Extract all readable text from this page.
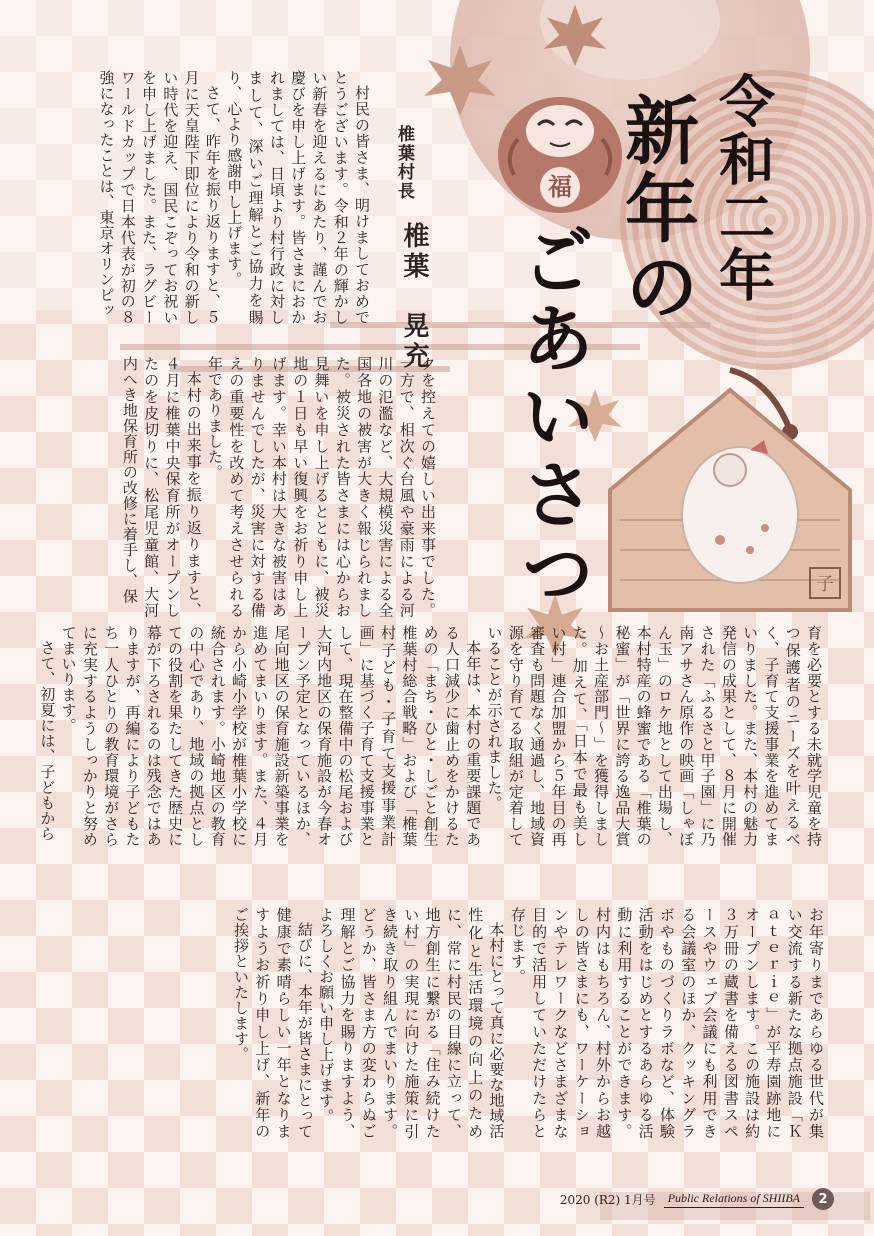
福
子
令和二年
新年の
ごあいさつ
椎葉村長
椎葉　晃充

村民の皆さま、明けましておめでとうございます。令和２年の輝かしい新春を迎えるにあたり、謹んでお慶びを申し上げます。皆さまにおかれましては、日頃より村行政に対しまして、深いご理解とご協力を賜り、心より感謝申し上げます。

さて、昨年を振り返りますと、５月に天皇陛下即位により令和の新しい時代を迎え、国民こぞってお祝いを申し上げました。また、ラグビーワールドカップで日本代表が初の８強になったことは、東京オリンピッ

クを控えての嬉しい出来事でした。一方で、相次ぐ台風や豪雨による河川の氾濫など、大規模災害による全国各地の被害が大きく報じられました。被災された皆さまには心からお見舞いを申し上げるとともに、被災地の１日も早い復興をお祈り申し上げます。幸い本村は大きな被害はありませんでしたが、災害に対する備えの重要性を改めて考えさせられる年でありました。

本村の出来事を振り返りますと、４月に椎葉中央保育所がオープンしたのを皮切りに、松尾児童館、大河内へき地保育所の改修に着手し、保

育を必要とする未就学児童を持つ保護者のニーズを叶えるべく、子育て支援事業を進めてまいりました。また、本村の魅力発信の成果として、８月に開催された「ふるさと甲子園」に乃南アサさん原作の映画「しゃぼん玉」のロケ地として出場し、本村特産の蜂蜜である「椎葉の秘蜜」が「世界に誇る逸品大賞～お土産部門～」を獲得しました。加えて、「日本で最も美しい村」連合加盟から５年目の再審査も問題なく通過し、地域資源を守り育てる取組が定着していることが示されました。

本年は、本村の重要課題である人口減少に歯止めをかけるための「まち・ひと・しごと創生椎葉村総合戦略」および「椎葉村子ども・子育て支援事業計画」に基づく子育て支援事業として、現在整備中の松尾および大河内地区の保育施設が今春オープン予定となっているほか、尾向地区の保育施設新築事業を進めてまいります。また、４月から小崎小学校が椎葉小学校に統合されます。小崎地区の教育の中心であり、地域の拠点としての役割を果たしてきた歴史に幕が下ろされるのは残念ではありますが、再編により子どもたち一人ひとりの教育環境がさらに充実するようしっかりと努めてまいります。

さて、初夏には、子どもから

お年寄りまであらゆる世代が集い交流する新たな拠点施設「Ｋａｔｅｒｉｅ」が平寿園跡地にオープンします。この施設は約３万冊の蔵書を備える図書スペースやウェブ会議にも利用できる会議室のほか、クッキングラボやものづくりラボなど、体験活動をはじめとするあらゆる活動に利用することができます。村内はもちろん、村外からお越しの皆さまにも、ワーケーションやテレワークなどさまざまな目的で活用していただけたらと存じます。

本村にとって真に必要な地域活性化と生活環境の向上のために、常に村民の目線に立って、地方創生に繋がる「住み続けたい村」の実現に向けた施策に引き続き取り組んでまいります。どうか、皆さま方の変わらぬご理解とご協力を賜りますよう、よろしくお願い申し上げます。

結びに、本年が皆さまにとって健康で素晴らしい一年となりますようお祈り申し上げ、新年のご挨拶といたします。

2020 (R2) 1月号	Public Relations of SHIIBA	2
